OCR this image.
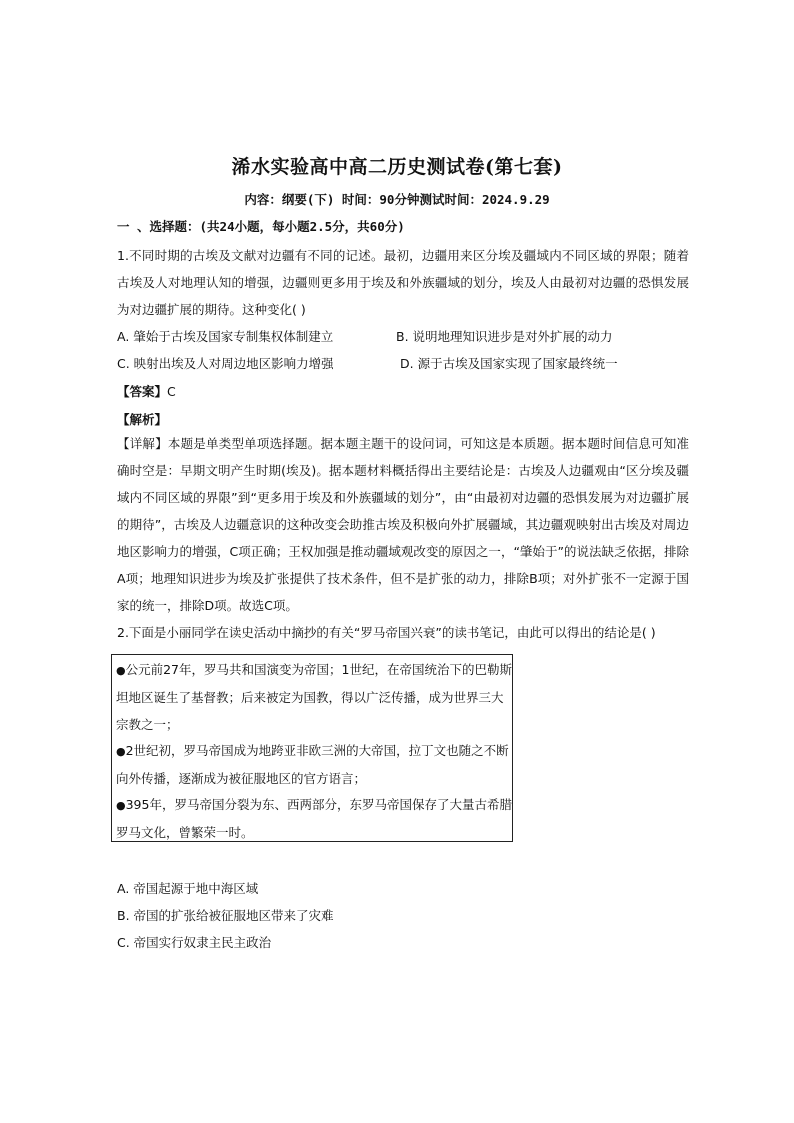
浠水实验高中高二历史测试卷(第七套)
内容：纲要(下) 时间：90分钟测试时间：2024.9.29
一 、选择题：(共24小题，每小题2.5分，共60分)
1.不同时期的古埃及文献对边疆有不同的记述。最初，边疆用来区分埃及疆域内不同区域的界限；随着古埃及人对地理认知的增强，边疆则更多用于埃及和外族疆域的划分，埃及人由最初对边疆的恐惧发展为对边疆扩展的期待。这种变化( )
A. 肇始于古埃及国家专制集权体制建立	B. 说明地理知识进步是对外扩展的动力
C. 映射出埃及人对周边地区影响力增强	D. 源于古埃及国家实现了国家最终统一
【答案】C
【解析】
【详解】本题是单类型单项选择题。据本题主题干的设问词，可知这是本质题。据本题时间信息可知准确时空是：早期文明产生时期(埃及)。据本题材料概括得出主要结论是：古埃及人边疆观由“区分埃及疆域内不同区域的界限”到“更多用于埃及和外族疆域的划分”，由“由最初对边疆的恐惧发展为对边疆扩展的期待”，古埃及人边疆意识的这种改变会助推古埃及积极向外扩展疆域，其边疆观映射出古埃及对周边地区影响力的增强，C项正确；王权加强是推动疆域观改变的原因之一，“肇始于”的说法缺乏依据，排除A项；地理知识进步为埃及扩张提供了技术条件，但不是扩张的动力，排除B项；对外扩张不一定源于国家的统一，排除D项。故选C项。
2.下面是小丽同学在读史活动中摘抄的有关“罗马帝国兴衰”的读书笔记，由此可以得出的结论是( )
●公元前27年，罗马共和国演变为帝国；1世纪，在帝国统治下的巴勒斯坦地区诞生了基督教；后来被定为国教，得以广泛传播，成为世界三大宗教之一；
●2世纪初，罗马帝国成为地跨亚非欧三洲的大帝国，拉丁文也随之不断向外传播，逐渐成为被征服地区的官方语言；
●395年，罗马帝国分裂为东、西两部分，东罗马帝国保存了大量古希腊罗马文化，曾繁荣一时。
A. 帝国起源于地中海区域
B. 帝国的扩张给被征服地区带来了灾难
C. 帝国实行奴隶主民主政治
